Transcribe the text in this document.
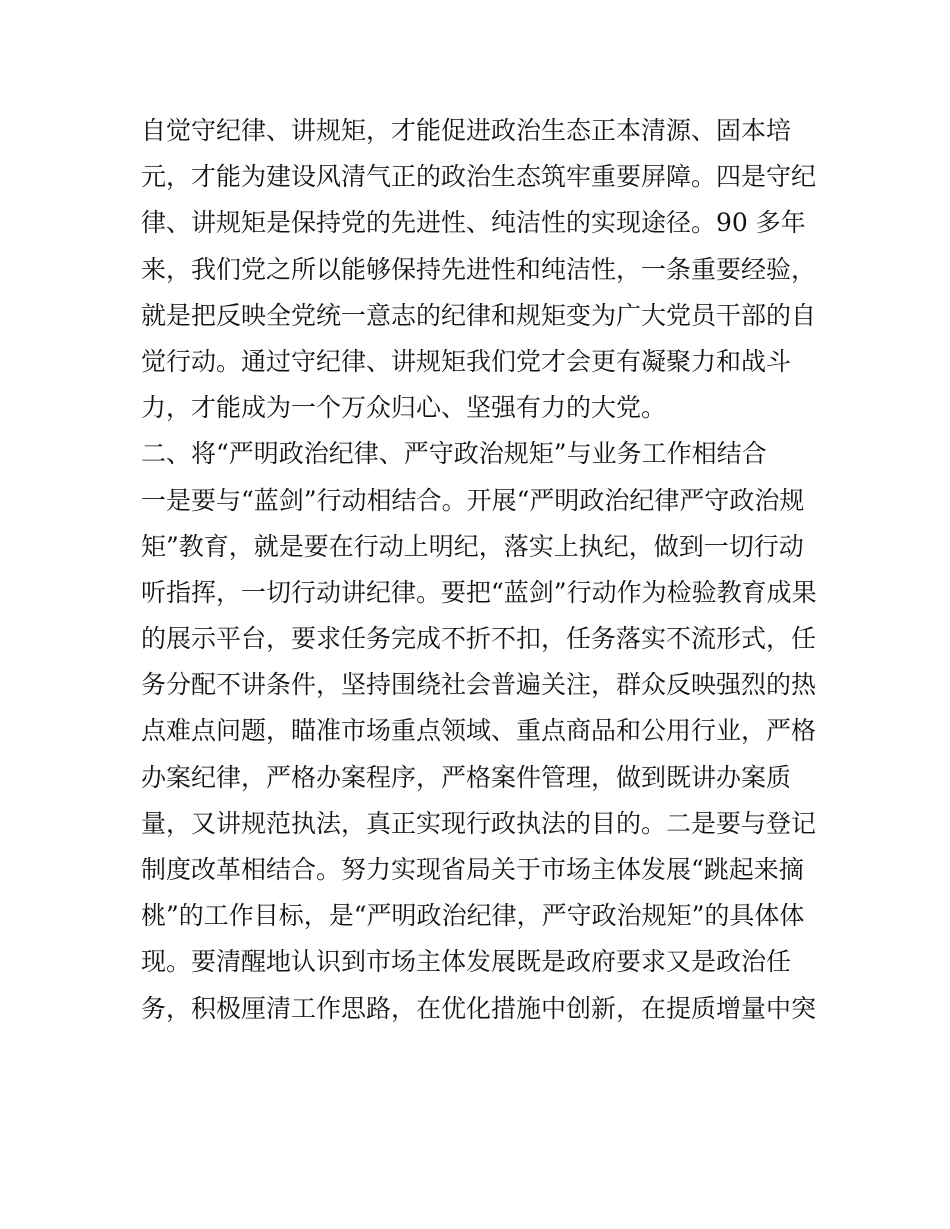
自觉守纪律、讲规矩，才能促进政治生态正本清源、固本培
元，才能为建设风清气正的政治生态筑牢重要屏障。四是守纪
律、讲规矩是保持党的先进性、纯洁性的实现途径。90 多年
来，我们党之所以能够保持先进性和纯洁性，一条重要经验，
就是把反映全党统一意志的纪律和规矩变为广大党员干部的自
觉行动。通过守纪律、讲规矩我们党才会更有凝聚力和战斗
力，才能成为一个万众归心、坚强有力的大党。
二、将“严明政治纪律、严守政治规矩”与业务工作相结合
一是要与“蓝剑”行动相结合。开展“严明政治纪律严守政治规
矩”教育，就是要在行动上明纪，落实上执纪，做到一切行动
听指挥，一切行动讲纪律。要把“蓝剑”行动作为检验教育成果
的展示平台，要求任务完成不折不扣，任务落实不流形式，任
务分配不讲条件，坚持围绕社会普遍关注，群众反映强烈的热
点难点问题，瞄准市场重点领域、重点商品和公用行业，严格
办案纪律，严格办案程序，严格案件管理，做到既讲办案质
量，又讲规范执法，真正实现行政执法的目的。二是要与登记
制度改革相结合。努力实现省局关于市场主体发展“跳起来摘
桃”的工作目标，是“严明政治纪律，严守政治规矩”的具体体
现。要清醒地认识到市场主体发展既是政府要求又是政治任
务，积极厘清工作思路，在优化措施中创新，在提质增量中突
